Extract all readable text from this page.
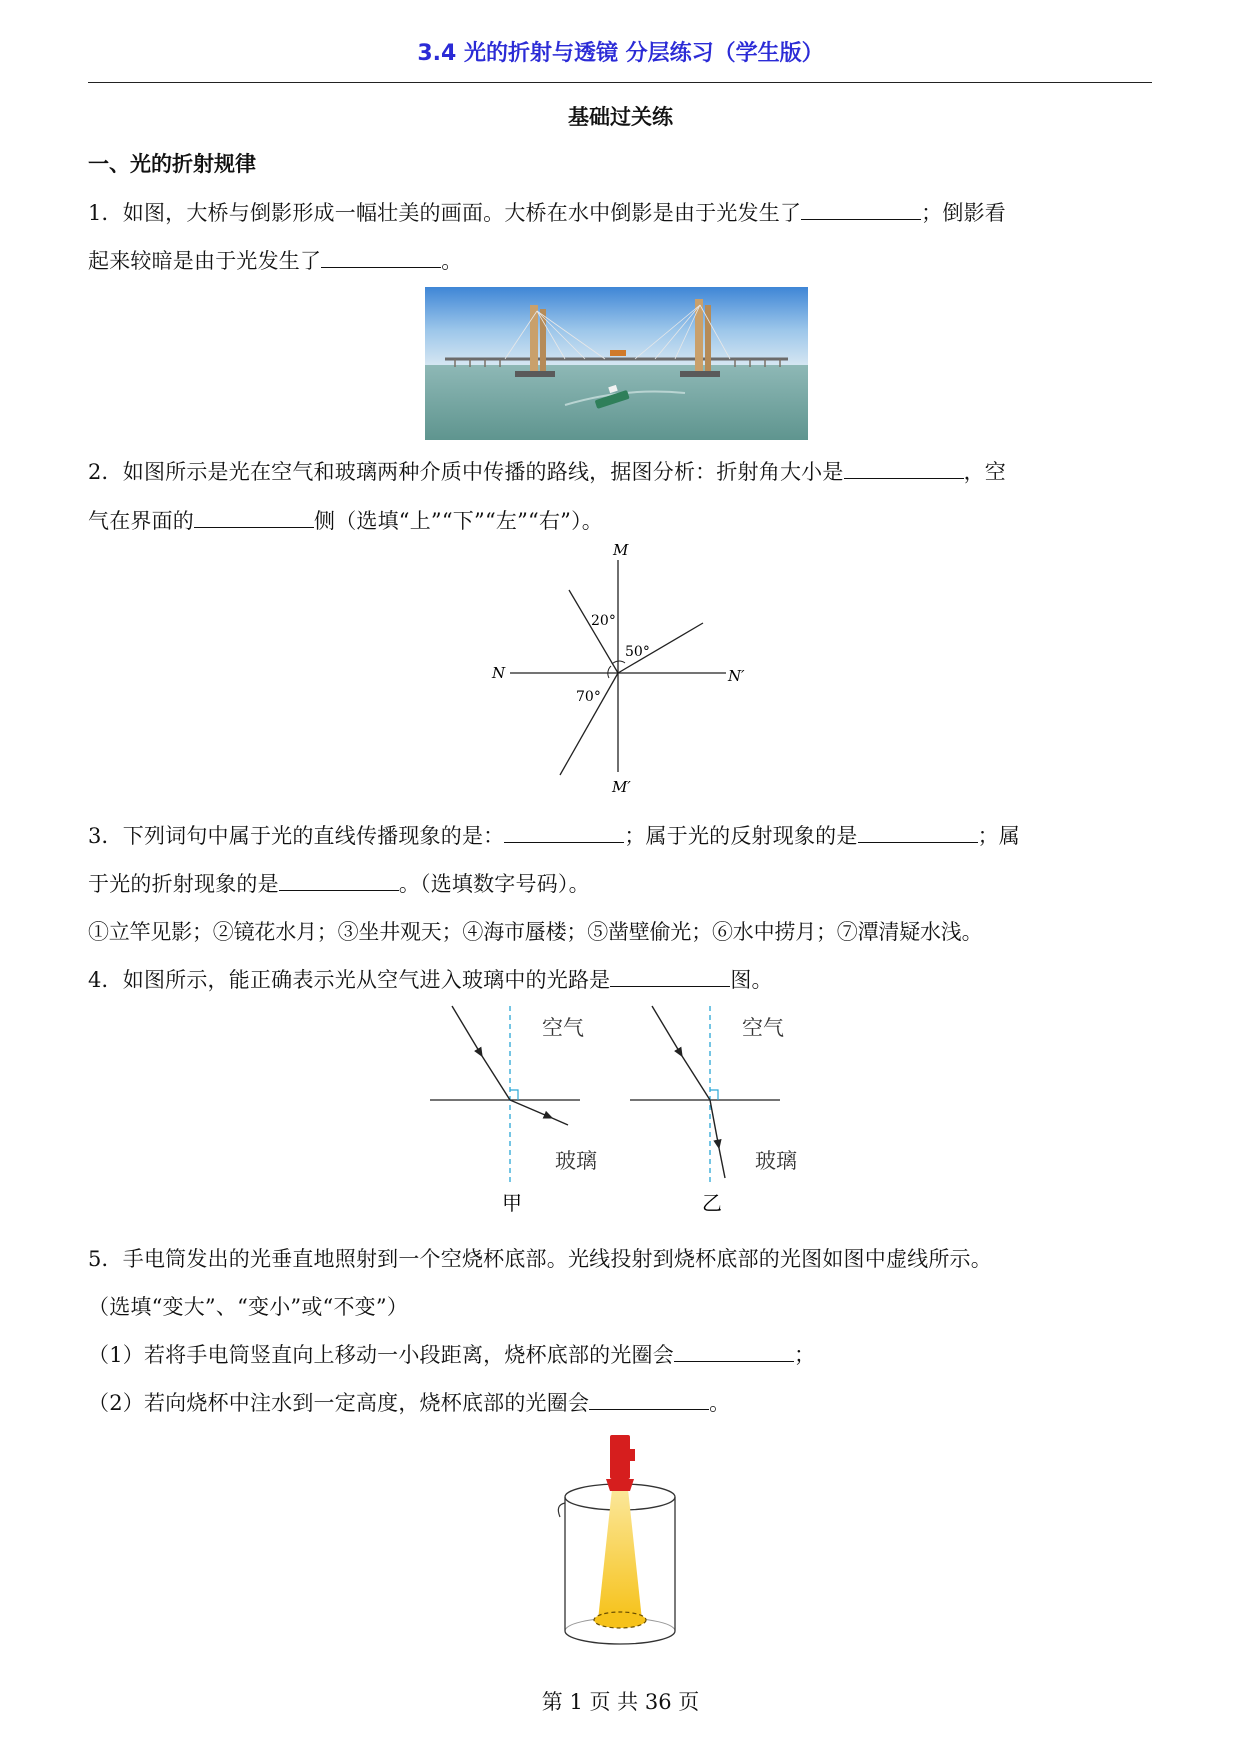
3.4 光的折射与透镜 分层练习（学生版）
基础过关练
一、光的折射规律
1．如图，大桥与倒影形成一幅壮美的画面。大桥在水中倒影是由于光发生了	；倒影看
起来较暗是由于光发生了	。
2．如图所示是光在空气和玻璃两种介质中传播的路线，据图分析：折射角大小是	，空
气在界面的	侧（选填“上”“下”“左”“右”）。
M
M′
N	N′
20°
50°
70°
3．下列词句中属于光的直线传播现象的是：	；属于光的反射现象的是	；属
于光的折射现象的是	。（选填数字号码）。
①立竿见影；②镜花水月；③坐井观天；④海市蜃楼；⑤凿壁偷光；⑥水中捞月；⑦潭清疑水浅。
4．如图所示，能正确表示光从空气进入玻璃中的光路是	图。
空气
玻璃
甲
空气
玻璃
乙
5．手电筒发出的光垂直地照射到一个空烧杯底部。光线投射到烧杯底部的光图如图中虚线所示。
（选填“变大”、“变小”或“不变”）
（1）若将手电筒竖直向上移动一小段距离，烧杯底部的光圈会	；
（2）若向烧杯中注水到一定高度，烧杯底部的光圈会	。
第 1 页 共 36 页
